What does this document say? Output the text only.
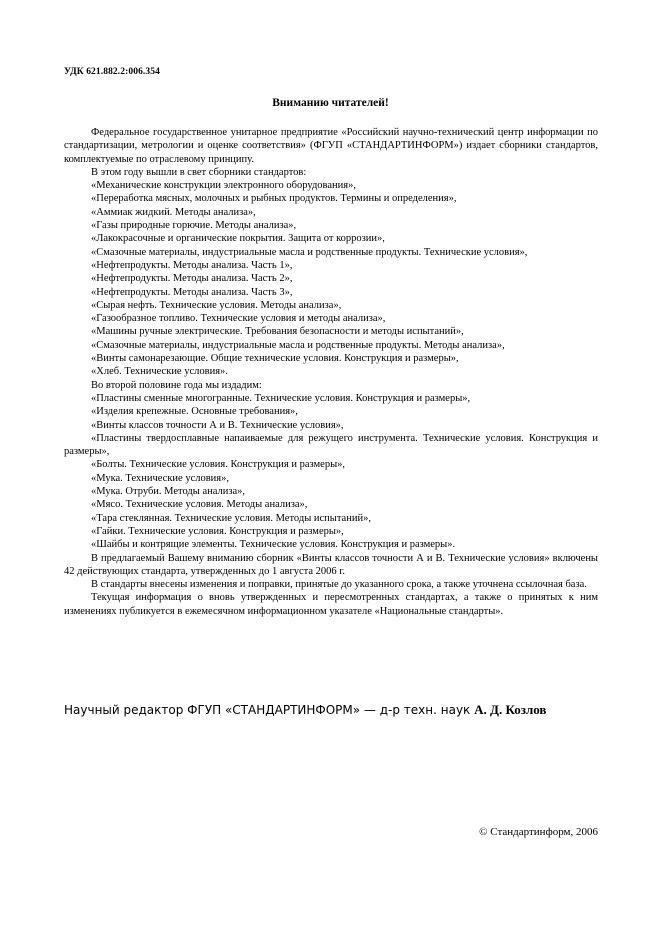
УДК 621.882.2:006.354
Вниманию читателей!

Федеральное государственное унитарное предприятие «Российский научно-технический центр информации по стандартизации, метрологии и оценке соответствия» (ФГУП «СТАНДАРТИНФОРМ») издает сборники стандартов, комплектуемые по отраслевому принципу.

В этом году вышли в свет сборники стандартов:

«Механические конструкции электронного оборудования»,
«Переработка мясных, молочных и рыбных продуктов. Термины и определения»,
«Аммиак жидкий. Методы анализа»,
«Газы природные горючие. Методы анализа»,
«Лакокрасочные и органические покрытия. Защита от коррозии»,
«Смазочные материалы, индустриальные масла и родственные продукты. Технические условия»,
«Нефтепродукты. Методы анализа. Часть 1»,
«Нефтепродукты. Методы анализа. Часть 2»,
«Нефтепродукты. Методы анализа. Часть 3»,
«Сырая нефть. Технические условия. Методы анализа»,
«Газообразное топливо. Технические условия и методы анализа»,
«Машины ручные электрические. Требования безопасности и методы испытаний»,
«Смазочные материалы, индустриальные масла и родственные продукты. Методы анализа»,
«Винты самонарезающие. Общие технические условия. Конструкция и размеры»,
«Хлеб. Технические условия».

Во второй половине года мы издадим:

«Пластины сменные многогранные. Технические условия. Конструкция и размеры»,
«Изделия крепежные. Основные требования»,
«Винты классов точности А и В. Технические условия»,
«Пластины твердосплавные напаиваемые для режущего инструмента. Технические условия. Конструкция и размеры»,
«Болты. Технические условия. Конструкция и размеры»,
«Мука. Технические условия»,
«Мука. Отруби. Методы анализа»,
«Мясо. Технические условия. Методы анализа»,
«Тара стеклянная. Технические условия. Методы испытаний»,
«Гайки. Технические условия. Конструкция и размеры»,
«Шайбы и контрящие элементы. Технические условия. Конструкция и размеры».

В предлагаемый Вашему вниманию сборник «Винты классов точности А и В. Технические условия» включены 42 действующих стандарта, утвержденных до 1 августа 2006 г.

В стандарты внесены изменения и поправки, принятые до указанного срока, а также уточнена ссылочная база.

Текущая информация о вновь утвержденных и пересмотренных стандартах, а также о принятых к ним изменениях публикуется в ежемесячном информационном указателе «Национальные стандарты».

Научный редактор ФГУП «СТАНДАРТИНФОРМ» — д-р техн. наук А. Д. Козлов
© Стандартинформ, 2006
